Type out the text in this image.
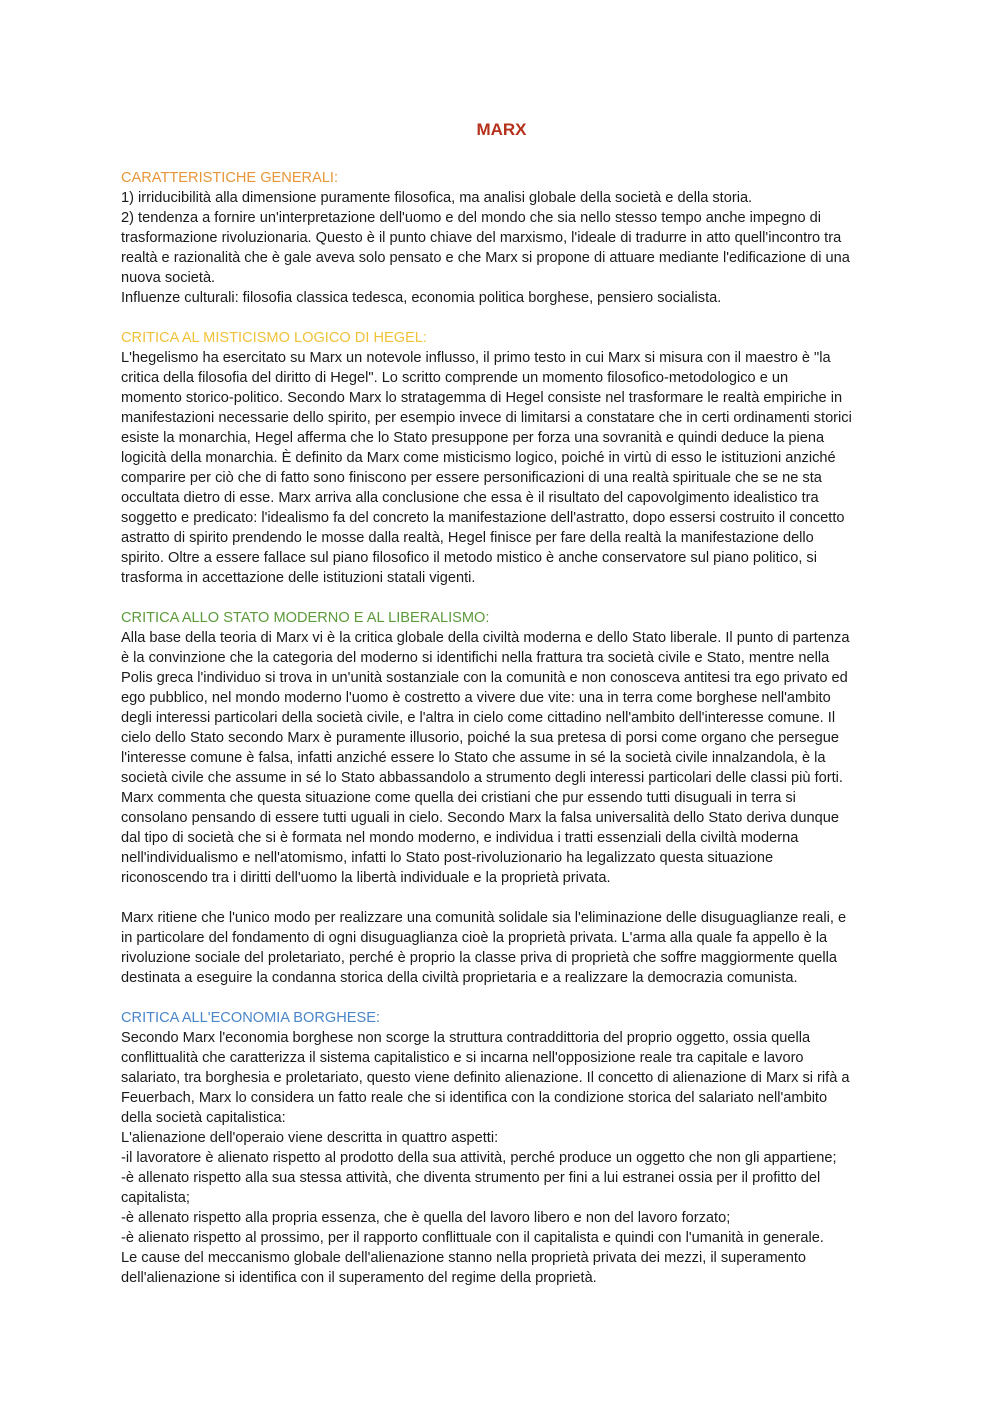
MARX
CARATTERISTICHE GENERALI:
1) irriducibilità alla dimensione puramente filosofica, ma analisi globale della società e della storia.
2) tendenza a fornire un'interpretazione dell'uomo e del mondo che sia nello stesso tempo anche impegno di
trasformazione rivoluzionaria. Questo è il punto chiave del marxismo, l'ideale di tradurre in atto quell'incontro tra
realtà e razionalità che è gale aveva solo pensato e che Marx si propone di attuare mediante l'edificazione di una
nuova società.
Influenze culturali: filosofia classica tedesca, economia politica borghese, pensiero socialista.
CRITICA AL MISTICISMO LOGICO DI HEGEL:
L'hegelismo ha esercitato su Marx un notevole influsso, il primo testo in cui Marx si misura con il maestro è "la
critica della filosofia del diritto di Hegel". Lo scritto comprende un momento filosofico-metodologico e un
momento storico-politico. Secondo Marx lo stratagemma di Hegel consiste nel trasformare le realtà empiriche in
manifestazioni necessarie dello spirito, per esempio invece di limitarsi a constatare che in certi ordinamenti storici
esiste la monarchia, Hegel afferma che lo Stato presuppone per forza una sovranità e quindi deduce la piena
logicità della monarchia. È definito da Marx come misticismo logico, poiché in virtù di esso le istituzioni anziché
comparire per ciò che di fatto sono finiscono per essere personificazioni di una realtà spirituale che se ne sta
occultata dietro di esse. Marx arriva alla conclusione che essa è il risultato del capovolgimento idealistico tra
soggetto e predicato: l'idealismo fa del concreto la manifestazione dell'astratto, dopo essersi costruito il concetto
astratto di spirito prendendo le mosse dalla realtà, Hegel finisce per fare della realtà la manifestazione dello
spirito. Oltre a essere fallace sul piano filosofico il metodo mistico è anche conservatore sul piano politico, si
trasforma in accettazione delle istituzioni statali vigenti.
CRITICA ALLO STATO MODERNO E AL LIBERALISMO:
Alla base della teoria di Marx vi è la critica globale della civiltà moderna e dello Stato liberale. Il punto di partenza
è la convinzione che la categoria del moderno si identifichi nella frattura tra società civile e Stato, mentre nella
Polis greca l'individuo si trova in un'unità sostanziale con la comunità e non conosceva antitesi tra ego privato ed
ego pubblico, nel mondo moderno l'uomo è costretto a vivere due vite: una in terra come borghese nell'ambito
degli interessi particolari della società civile, e l'altra in cielo come cittadino nell'ambito dell'interesse comune. Il
cielo dello Stato secondo Marx è puramente illusorio, poiché la sua pretesa di porsi come organo che persegue
l'interesse comune è falsa, infatti anziché essere lo Stato che assume in sé la società civile innalzandola, è la
società civile che assume in sé lo Stato abbassandolo a strumento degli interessi particolari delle classi più forti.
Marx commenta che questa situazione come quella dei cristiani che pur essendo tutti disuguali in terra si
consolano pensando di essere tutti uguali in cielo. Secondo Marx la falsa universalità dello Stato deriva dunque
dal tipo di società che si è formata nel mondo moderno, e individua i tratti essenziali della civiltà moderna
nell'individualismo e nell'atomismo, infatti lo Stato post-rivoluzionario ha legalizzato questa situazione
riconoscendo tra i diritti dell'uomo la libertà individuale e la proprietà privata.
Marx ritiene che l'unico modo per realizzare una comunità solidale sia l'eliminazione delle disuguaglianze reali, e
in particolare del fondamento di ogni disuguaglianza cioè la proprietà privata. L'arma alla quale fa appello è la
rivoluzione sociale del proletariato, perché è proprio la classe priva di proprietà che soffre maggiormente quella
destinata a eseguire la condanna storica della civiltà proprietaria e a realizzare la democrazia comunista.
CRITICA ALL'ECONOMIA BORGHESE:
Secondo Marx l'economia borghese non scorge la struttura contraddittoria del proprio oggetto, ossia quella
conflittualità che caratterizza il sistema capitalistico e si incarna nell'opposizione reale tra capitale e lavoro
salariato, tra borghesia e proletariato, questo viene definito alienazione. Il concetto di alienazione di Marx si rifà a
Feuerbach, Marx lo considera un fatto reale che si identifica con la condizione storica del salariato nell'ambito
della società capitalistica:
L'alienazione dell'operaio viene descritta in quattro aspetti:
-il lavoratore è alienato rispetto al prodotto della sua attività, perché produce un oggetto che non gli appartiene;
-è allenato rispetto alla sua stessa attività, che diventa strumento per fini a lui estranei ossia per il profitto del
capitalista;
-è allenato rispetto alla propria essenza, che è quella del lavoro libero e non del lavoro forzato;
-è alienato rispetto al prossimo, per il rapporto conflittuale con il capitalista e quindi con l'umanità in generale.
Le cause del meccanismo globale dell'alienazione stanno nella proprietà privata dei mezzi, il superamento
dell'alienazione si identifica con il superamento del regime della proprietà.
